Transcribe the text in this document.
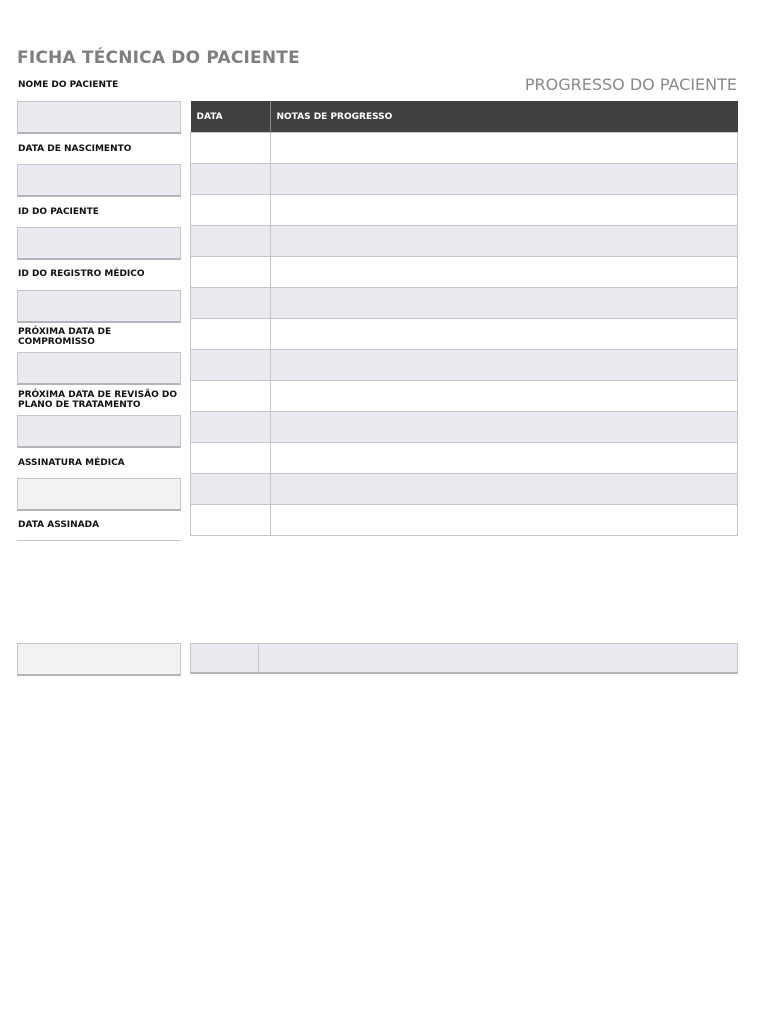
FICHA TÉCNICA DO PACIENTE
PROGRESSO DO PACIENTE
NOME DO PACIENTE
DATA DE NASCIMENTO
ID DO PACIENTE
ID DO REGISTRO MÉDICO
PRÓXIMA DATA DE COMPROMISSO
PRÓXIMA DATA DE REVISÃO DO PLANO DE TRATAMENTO
ASSINATURA MÉDICA
DATA ASSINADA
DATA	NOTAS DE PROGRESSO
